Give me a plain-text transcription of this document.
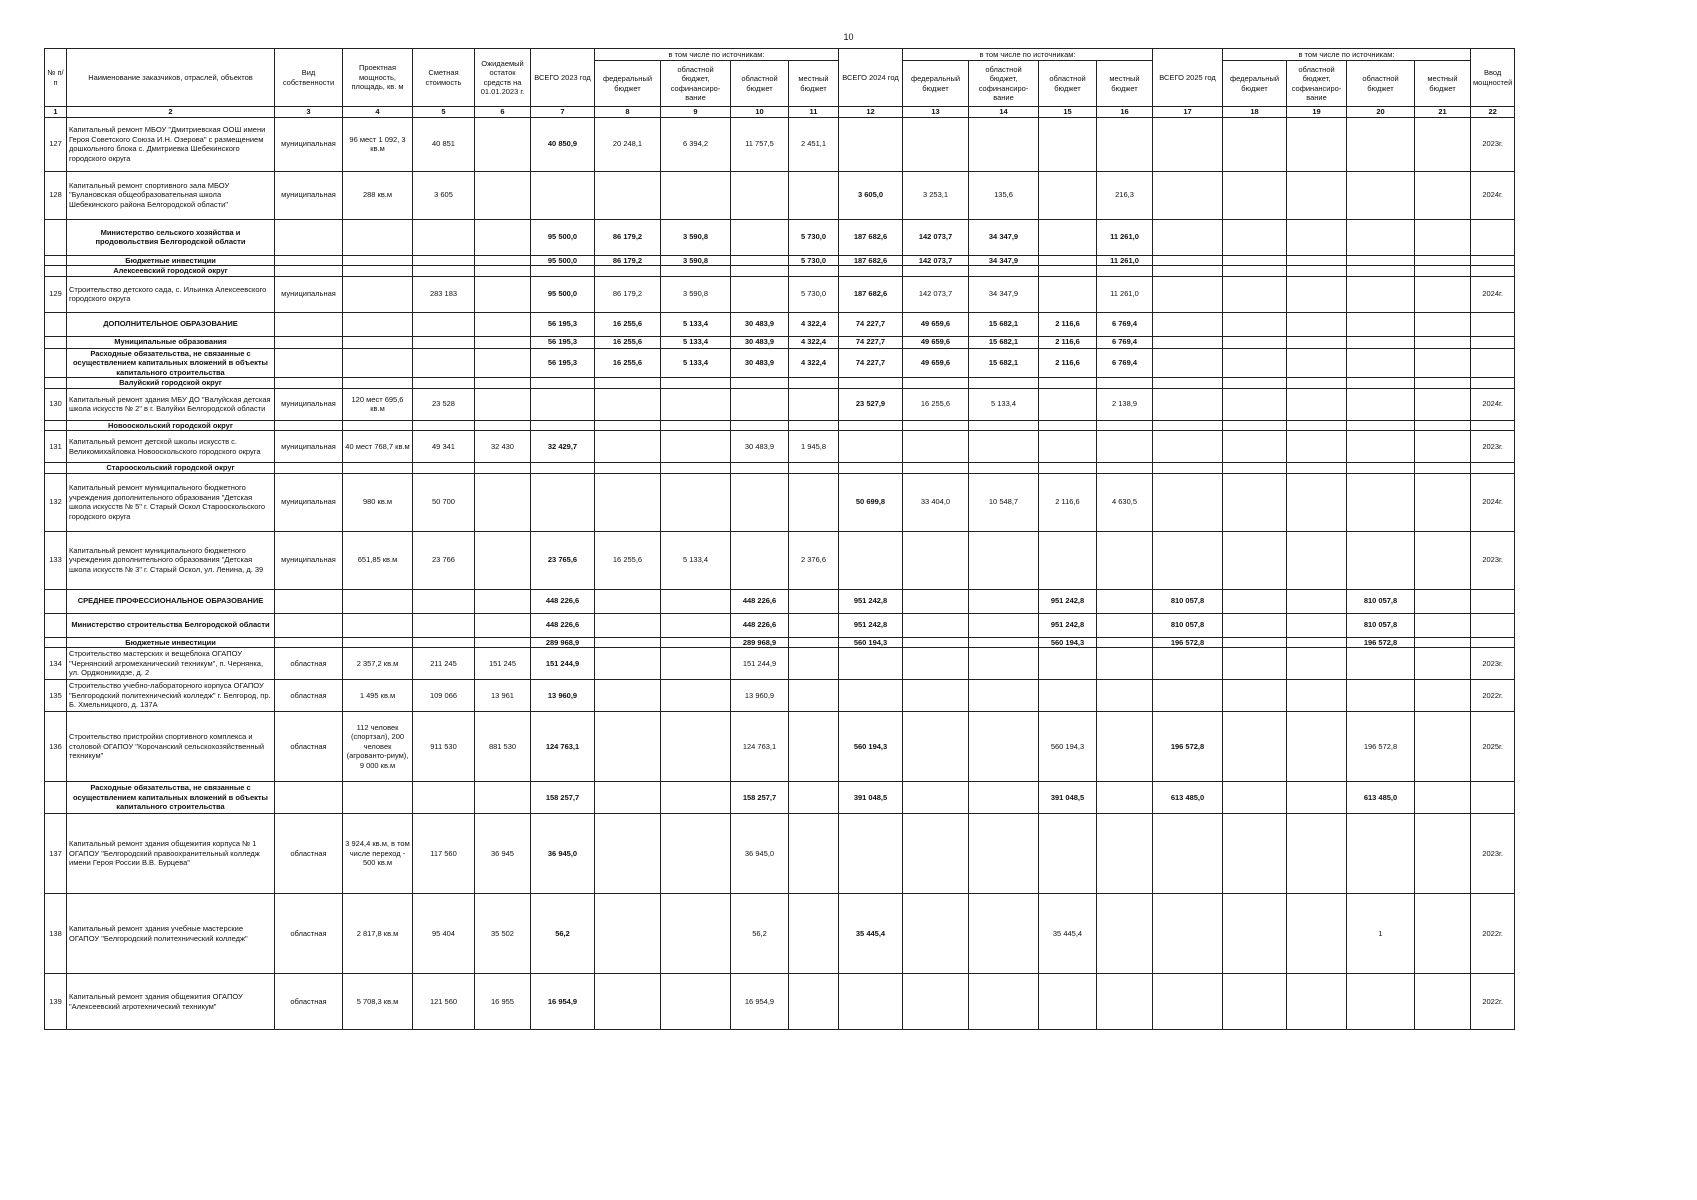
10
№ п/п	Наименование заказчиков, отраслей, объектов	Вид собственности	Проектная мощность, площадь, кв. м	Сметная стоимость	Ожидаемый остаток средств на 01.01.2023 г.	ВСЕГО 2023 год	в том числе по источникам:				ВСЕГО 2024 год	в том числе по источникам:				ВСЕГО 2025 год	в том числе по источникам:				Ввод мощностей
							федеральный бюджет	областной бюджет, софинансиро-вание	областной бюджет	местный бюджет		федеральный бюджет	областной бюджет, софинансиро-вание	областной бюджет	местный бюджет		федеральный бюджет	областной бюджет, софинансиро-вание	областной бюджет	местный бюджет	
1	2	3	4	5	6	7	8	9	10	11	12	13	14	15	16	17	18	19	20	21	22
127	Капитальный ремонт МБОУ "Дмитриевская ООШ имени Героя Советского Союза И.Н. Озерова" с размещением дошкольного блока с. Дмитриевка Шебекинского городского округа	муниципальная	96 мест 1 092, 3 кв.м	40 851		40 850,9	20 248,1	6 394,2	11 757,5	2 451,1											2023г.
128	Капитальный ремонт спортивного зала МБОУ "Булановская общеобразовательная школа Шебекинского района Белгородской области"	муниципальная	288 кв.м	3 605							3 605,0	3 253,1	135,6		216,3						2024г.
	Министерство сельского хозяйства и продовольствия Белгородской области					95 500,0	86 179,2	3 590,8		5 730,0	187 682,6	142 073,7	34 347,9		11 261,0						
	Бюджетные инвестиции					95 500,0	86 179,2	3 590,8		5 730,0	187 682,6	142 073,7	34 347,9		11 261,0						
	Алексеевский городской округ																				
129	Строительство детского сада, с. Ильинка Алексеевского городского округа	муниципальная		283 183		95 500,0	86 179,2	3 590,8		5 730,0	187 682,6	142 073,7	34 347,9		11 261,0						2024г.
	ДОПОЛНИТЕЛЬНОЕ ОБРАЗОВАНИЕ					56 195,3	16 255,6	5 133,4	30 483,9	4 322,4	74 227,7	49 659,6	15 682,1	2 116,6	6 769,4						
	Муниципальные образования					56 195,3	16 255,6	5 133,4	30 483,9	4 322,4	74 227,7	49 659,6	15 682,1	2 116,6	6 769,4						
	Расходные обязательства, не связанные с осуществлением капитальных вложений в объекты капитального строительства					56 195,3	16 255,6	5 133,4	30 483,9	4 322,4	74 227,7	49 659,6	15 682,1	2 116,6	6 769,4						
	Валуйский городской округ																				
130	Капитальный ремонт здания МБУ ДО "Валуйская детская школа искусств № 2" в г. Валуйки Белгородской области	муниципальная	120 мест 695,6 кв.м	23 528							23 527,9	16 255,6	5 133,4		2 138,9						2024г.
	Новооскольский городской округ																				
131	Капитальный ремонт детской школы искусств с. Великомихайловка Новооскольского городского округа	муниципальная	40 мест 768,7 кв.м	49 341	32 430	32 429,7			30 483,9	1 945,8											2023г.
	Старооскольский городской округ																				
132	Капитальный ремонт муниципального бюджетного учреждения дополнительного образования "Детская школа искусств № 5" г. Старый Оскол Старооскольского городского округа	муниципальная	980 кв.м	50 700							50 699,8	33 404,0	10 548,7	2 116,6	4 630,5						2024г.
133	Капитальный ремонт муниципального бюджетного учреждения дополнительного образования "Детская школа искусств № 3" г. Старый Оскол, ул. Ленина, д. 39	муниципальная	651,85 кв.м	23 766		23 765,6	16 255,6	5 133,4		2 376,6											2023г.
	СРЕДНЕЕ ПРОФЕССИОНАЛЬНОЕ ОБРАЗОВАНИЕ					448 226,6			448 226,6		951 242,8			951 242,8		810 057,8			810 057,8		
	Министерство строительства Белгородской области					448 226,6			448 226,6		951 242,8			951 242,8		810 057,8			810 057,8		
	Бюджетные инвестиции					289 968,9			289 968,9		560 194,3			560 194,3		196 572,8			196 572,8		
134	Строительство мастерских и вещеблока ОГАПОУ "Чернянский агромеханический техникум", п. Чернянка, ул. Орджоникидзе, д. 2	областная	2 357,2 кв.м	211 245	151 245	151 244,9			151 244,9												2023г.
135	Строительство учебно-лабораторного корпуса ОГАПОУ "Белгородский политехнический колледж" г. Белгород, пр. Б. Хмельницкого, д. 137А	областная	1 495 кв.м	109 066	13 961	13 960,9			13 960,9												2022г.
136	Строительство пристройки спортивного комплекса и столовой ОГАПОУ "Корочанский сельскохозяйственный техникум"	областная	112 человек (спортзал), 200 человек (агрованто-риум), 9 000 кв.м	911 530	881 530	124 763,1			124 763,1		560 194,3			560 194,3		196 572,8			196 572,8		2025г.
	Расходные обязательства, не связанные с осуществлением капитальных вложений в объекты капитального строительства					158 257,7			158 257,7		391 048,5			391 048,5		613 485,0			613 485,0		
137	Капитальный ремонт здания общежития корпуса № 1 ОГАПОУ "Белгородский правоохранительный колледж имени Героя России В.В. Бурцева"	областная	3 924,4 кв.м, в том числе переход - 500 кв.м	117 560	36 945	36 945,0			36 945,0												2023г.
138	Капитальный ремонт здания учебные мастерские ОГАПОУ "Белгородский политехнический колледж"	областная	2 817,8 кв.м	95 404	35 502	56,2			56,2		35 445,4			35 445,4					1		2022г.
139	Капитальный ремонт здания общежития ОГАПОУ "Алексеевский агротехнический техникум"	областная	5 708,3 кв.м	121 560	16 955	16 954,9			16 954,9												2022г.
